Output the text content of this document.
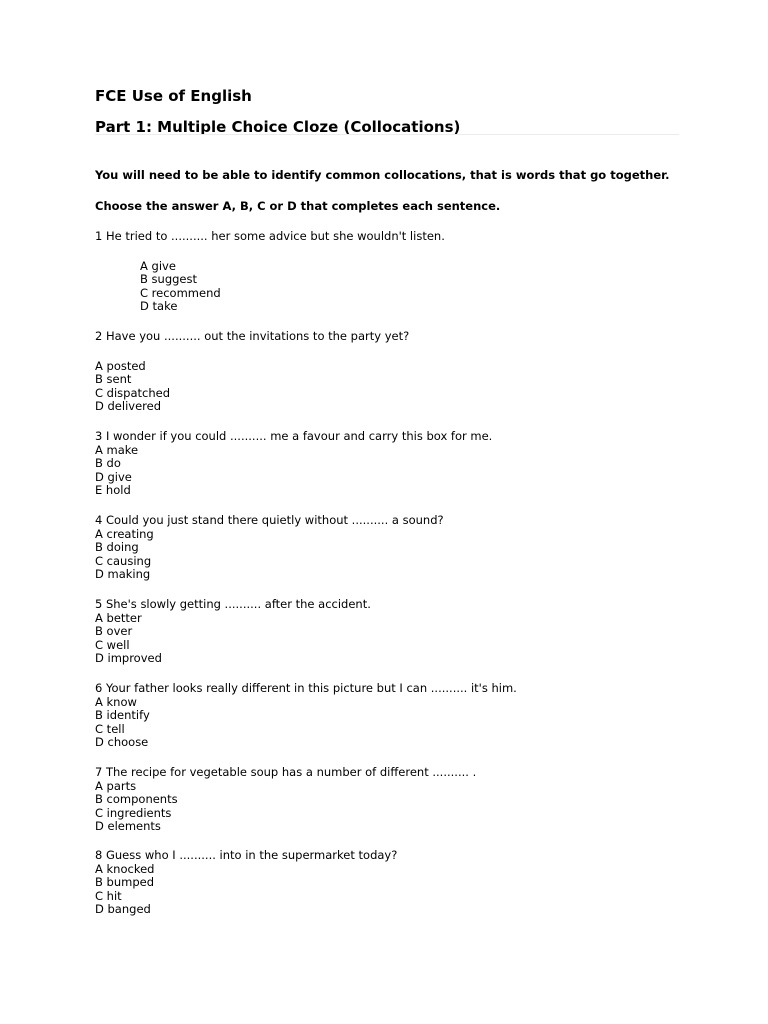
FCE Use of English
Part 1: Multiple Choice Cloze (Collocations)
You will need to be able to identify common collocations, that is words that go together.
Choose the answer A, B, C or D that completes each sentence.
1 He tried to .......... her some advice but she wouldn't listen.
A give
B suggest
C recommend
D take
2 Have you .......... out the invitations to the party yet?
A posted
B sent
C dispatched
D delivered
3 I wonder if you could .......... me a favour and carry this box for me.
A make
B do
D give
E hold
4 Could you just stand there quietly without .......... a sound?
A creating
B doing
C causing
D making
5 She's slowly getting .......... after the accident.
A better
B over
C well
D improved
6 Your father looks really different in this picture but I can .......... it's him.
A know
B identify
C tell
D choose
7 The recipe for vegetable soup has a number of different .......... .
A parts
B components
C ingredients
D elements
8 Guess who I .......... into in the supermarket today?
A knocked
B bumped
C hit
D banged
